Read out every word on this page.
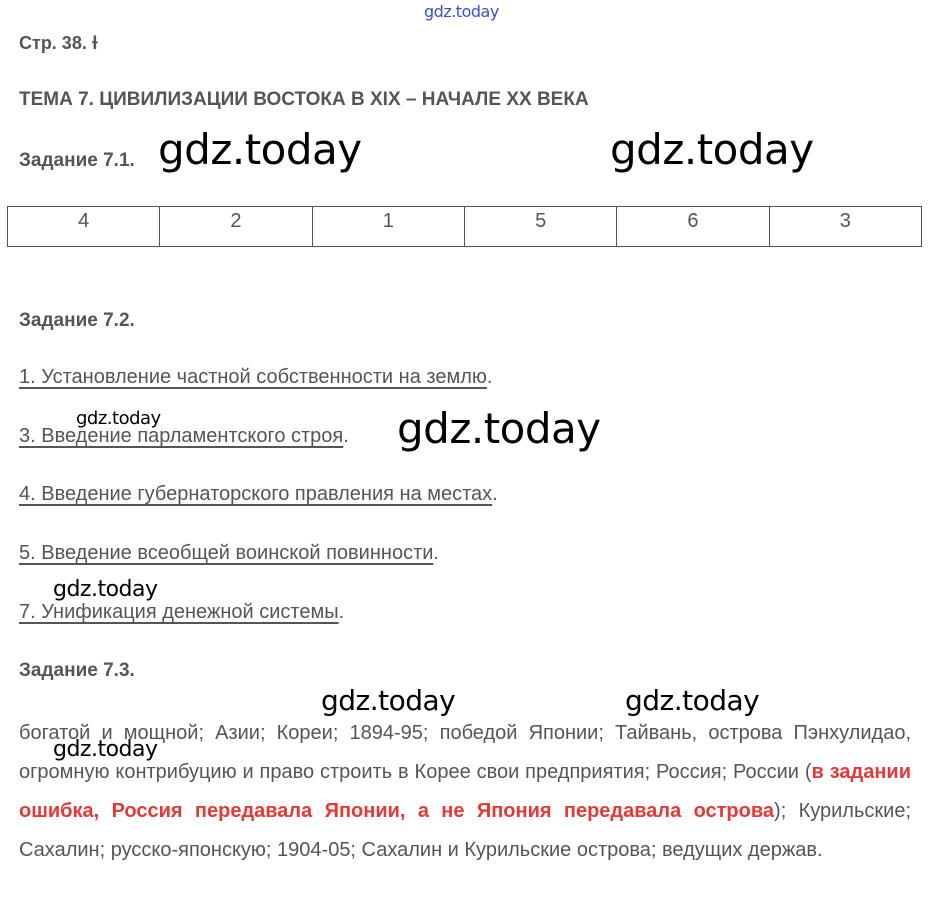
gdz.today
gdz.today	gdz.today
gdz.today	gdz.today
gdz.today
gdz.today	gdz.today
gdz.today
Стр. 38. ɫ
ТЕМА 7. ЦИВИЛИЗАЦИИ ВОСТОКА В XIX – НАЧАЛЕ XX ВЕКА
Задание 7.1.
4	2	1	5	6	3
Задание 7.2.
1. Установление частной собственности на землю.
3. Введение парламентского строя.
4. Введение губернаторского правления на местах.
5. Введение всеобщей воинской повинности.
7. Унификация денежной системы.
Задание 7.3.
богатой и мощной; Азии; Кореи; 1894-95; победой Японии; Тайвань, острова Пэнхулидао, огромную контрибуцию и право строить в Корее свои предприятия; Россия; России (в задании ошибка, Россия передавала Японии, а не Япония передавала острова); Курильские; Сахалин; русско-японскую; 1904-05; Сахалин и Курильские острова; ведущих держав.
